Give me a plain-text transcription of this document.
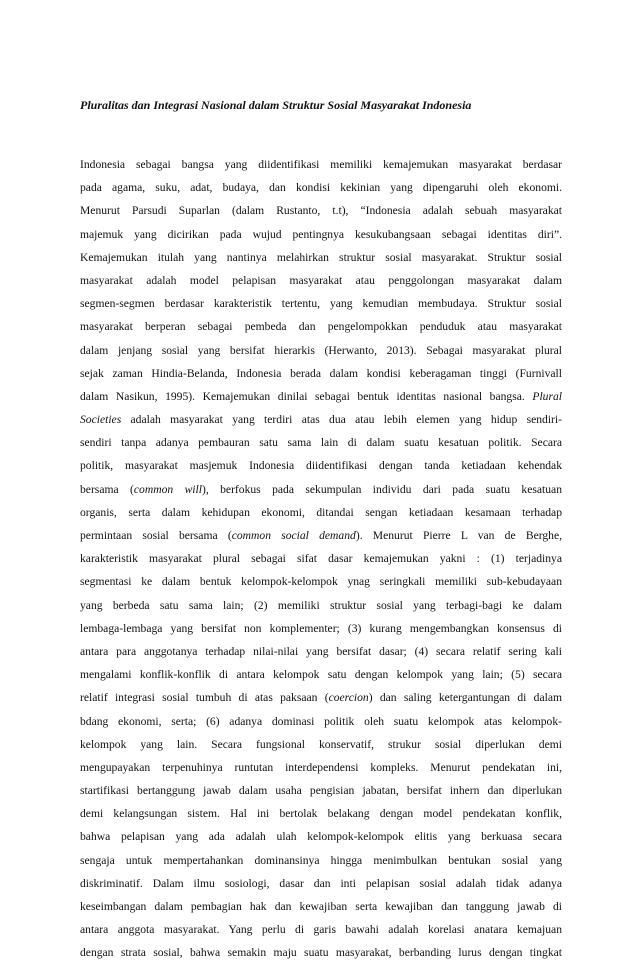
Pluralitas dan Integrasi Nasional dalam Struktur Sosial Masyarakat Indonesia
Indonesia sebagai bangsa yang diidentifikasi memiliki kemajemukan masyarakat berdasar
pada agama, suku, adat, budaya, dan kondisi kekinian yang dipengaruhi oleh ekonomi.
Menurut Parsudi Suparlan (dalam Rustanto, t.t), “Indonesia adalah sebuah masyarakat
majemuk yang dicirikan pada wujud pentingnya kesukubangsaan sebagai identitas diri”.
Kemajemukan itulah yang nantinya melahirkan struktur sosial masyarakat. Struktur sosial
masyarakat adalah model pelapisan masyarakat atau penggolongan masyarakat dalam
segmen-segmen berdasar karakteristik tertentu, yang kemudian membudaya. Struktur sosial
masyarakat berperan sebagai pembeda dan pengelompokkan penduduk atau masyarakat
dalam jenjang sosial yang bersifat hierarkis (Herwanto, 2013). Sebagai masyarakat plural
sejak zaman Hindia-Belanda, Indonesia berada dalam kondisi keberagaman tinggi (Furnivall
dalam Nasikun, 1995). Kemajemukan dinilai sebagai bentuk identitas nasional bangsa. Plural
Societies adalah masyarakat yang terdiri atas dua atau lebih elemen yang hidup sendiri-
sendiri tanpa adanya pembauran satu sama lain di dalam suatu kesatuan politik. Secara
politik, masyarakat masjemuk Indonesia diidentifikasi dengan tanda ketiadaan kehendak
bersama (common will), berfokus pada sekumpulan individu dari pada suatu kesatuan
organis, serta dalam kehidupan ekonomi, ditandai sengan ketiadaan kesamaan terhadap
permintaan sosial bersama (common social demand). Menurut Pierre L van de Berghe,
karakteristik masyarakat plural sebagai sifat dasar kemajemukan yakni : (1) terjadinya
segmentasi ke dalam bentuk kelompok-kelompok ynag seringkali memiliki sub-kebudayaan
yang berbeda satu sama lain; (2) memiliki struktur sosial yang terbagi-bagi ke dalam
lembaga-lembaga yang bersifat non komplementer; (3) kurang mengembangkan konsensus di
antara para anggotanya terhadap nilai-nilai yang bersifat dasar; (4) secara relatif sering kali
mengalami konflik-konflik di antara kelompok satu dengan kelompok yang lain; (5) secara
relatif integrasi sosial tumbuh di atas paksaan (coercion) dan saling ketergantungan di dalam
bdang ekonomi, serta; (6) adanya dominasi politik oleh suatu kelompok atas kelompok-
kelompok yang lain. Secara fungsional konservatif, strukur sosial diperlukan demi
mengupayakan terpenuhinya runtutan interdependensi kompleks. Menurut pendekatan ini,
startifikasi bertanggung jawab dalam usaha pengisian jabatan, bersifat inhern dan diperlukan
demi kelangsungan sistem. Hal ini bertolak belakang dengan model pendekatan konflik,
bahwa pelapisan yang ada adalah ulah kelompok-kelompok elitis yang berkuasa secara
sengaja untuk mempertahankan dominansinya hingga menimbulkan bentukan sosial yang
diskriminatif. Dalam ilmu sosiologi, dasar dan inti pelapisan sosial adalah tidak adanya
keseimbangan dalam pembagian hak dan kewajiban serta kewajiban dan tanggung jawab di
antara anggota masyarakat. Yang perlu di garis bawahi adalah korelasi anatara kemajuan
dengan strata sosial, bahwa semakin maju suatu masyarakat, berbanding lurus dengan tingkat
